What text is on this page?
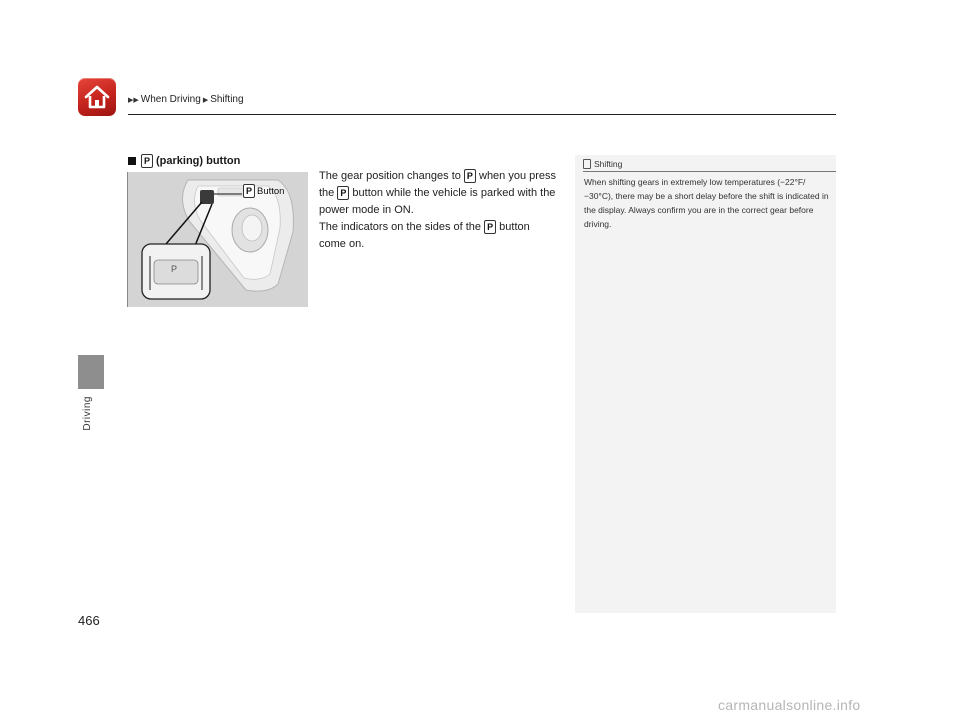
▶▶ When Driving ▶ Shifting
Driving
P (parking) button
P
P Button

The gear position changes to P when you press the P button while the vehicle is parked with the power mode in ON.

The indicators on the sides of the P button come on.

Shifting
When shifting gears in extremely low temperatures (−22°F/−30°C), there may be a short delay before the shift is indicated in the display. Always confirm you are in the correct gear before driving.
466
carmanualsonline.info
